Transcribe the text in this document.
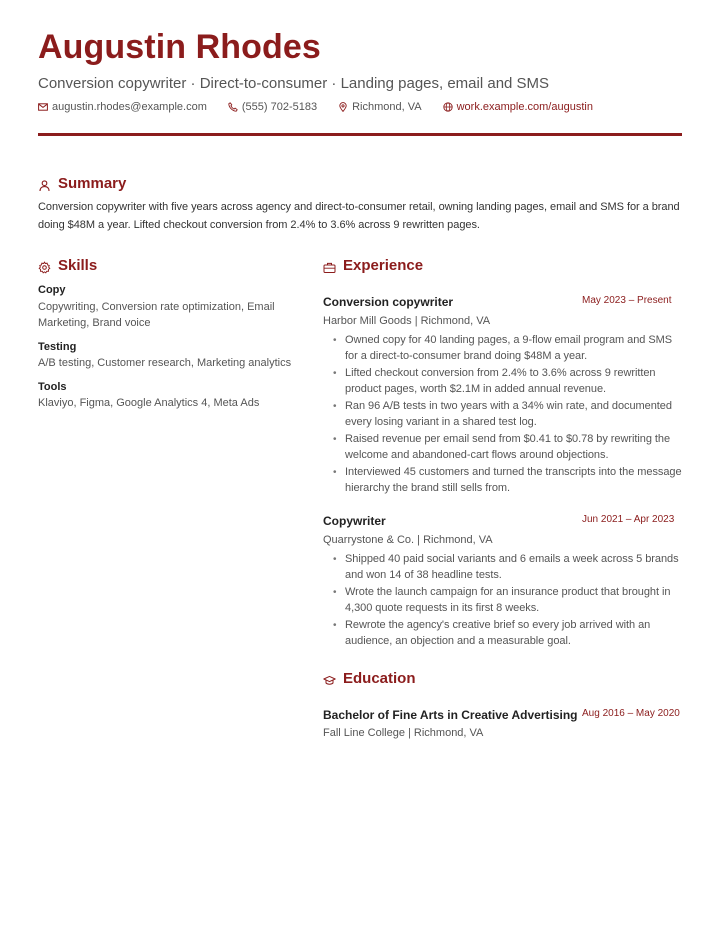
Augustin Rhodes
Conversion copywriter · Direct-to-consumer · Landing pages, email and SMS
augustin.rhodes@example.com	(555) 702-5183	Richmond, VA	work.example.com/augustin
Summary
Conversion copywriter with five years across agency and direct-to-consumer retail, owning landing pages, email and SMS for a brand doing $48M a year. Lifted checkout conversion from 2.4% to 3.6% across 9 rewritten pages.
Skills
Copy
Copywriting, Conversion rate optimization, Email Marketing, Brand voice
Testing
A/B testing, Customer research, Marketing analytics
Tools
Klaviyo, Figma, Google Analytics 4, Meta Ads
Experience
Conversion copywriter	May 2023 – Present
Harbor Mill Goods | Richmond, VA
• Owned copy for 40 landing pages, a 9-flow email program and SMS for a direct-to-consumer brand doing $48M a year.
• Lifted checkout conversion from 2.4% to 3.6% across 9 rewritten product pages, worth $2.1M in added annual revenue.
• Ran 96 A/B tests in two years with a 34% win rate, and documented every losing variant in a shared test log.
• Raised revenue per email send from $0.41 to $0.78 by rewriting the welcome and abandoned-cart flows around objections.
• Interviewed 45 customers and turned the transcripts into the message hierarchy the brand still sells from.
Copywriter	Jun 2021 – Apr 2023
Quarrystone & Co. | Richmond, VA
• Shipped 40 paid social variants and 6 emails a week across 5 brands and won 14 of 38 headline tests.
• Wrote the launch campaign for an insurance product that brought in 4,300 quote requests in its first 8 weeks.
• Rewrote the agency's creative brief so every job arrived with an audience, an objection and a measurable goal.
Education
Bachelor of Fine Arts in Creative Advertising Aug 2016 – May 2020
Fall Line College | Richmond, VA
